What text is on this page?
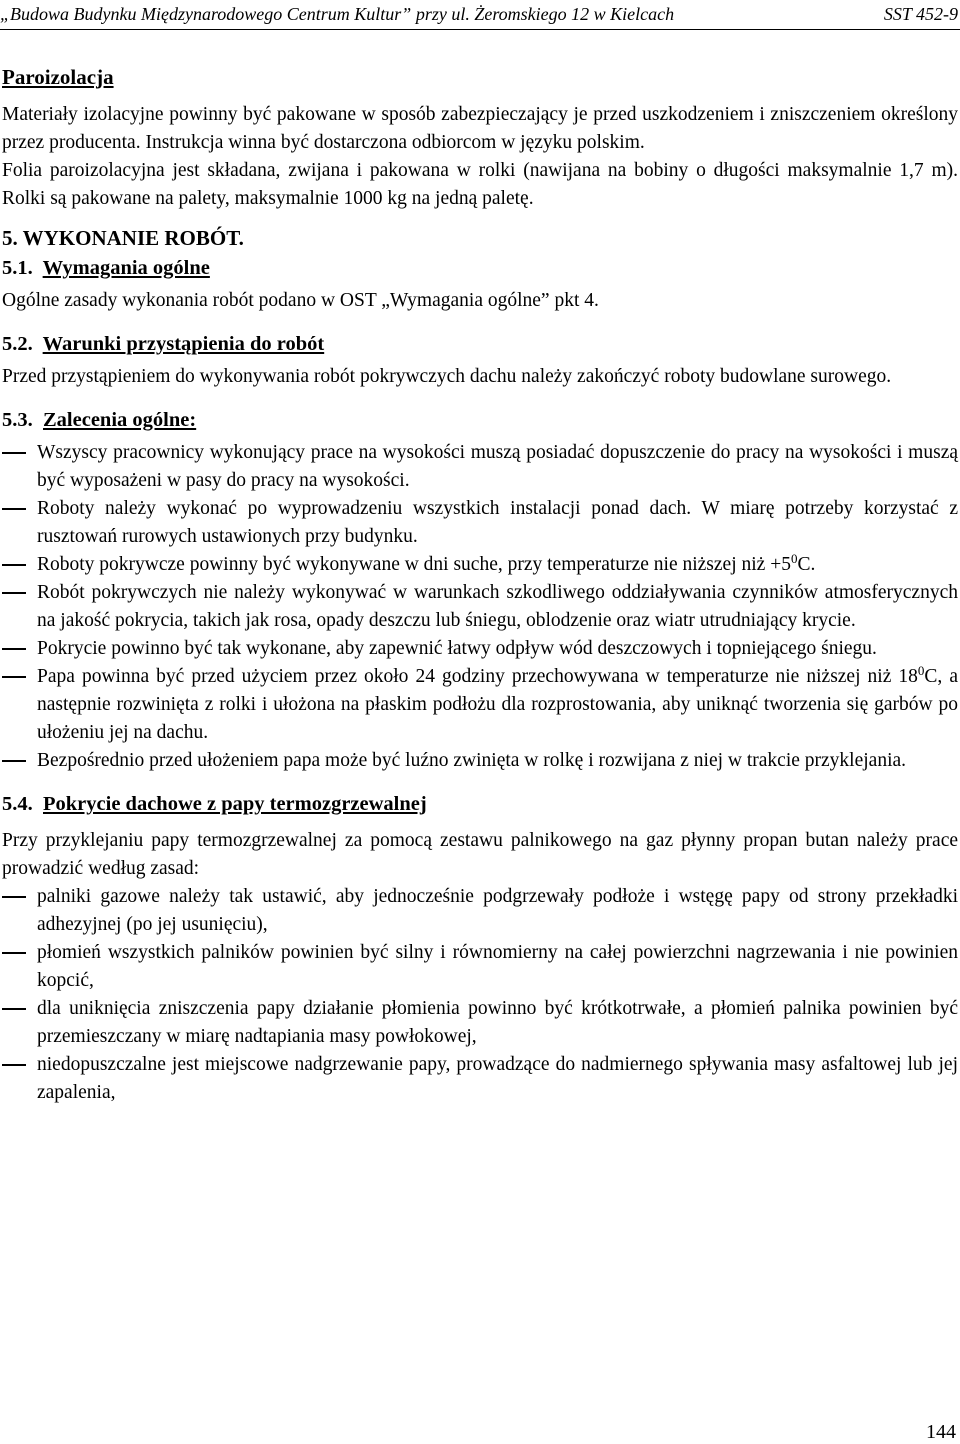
„Budowa Budynku Międzynarodowego Centrum Kultur” przy ul. Żeromskiego 12 w Kielcach	SST 452-9
Paroizolacja

Materiały izolacyjne powinny być pakowane w sposób zabezpieczający je przed uszkodzeniem i zniszczeniem określony przez producenta. Instrukcja winna być dostarczona odbiorcom w języku polskim.

Folia paroizolacyjna jest składana, zwijana i pakowana w rolki (nawijana na bobiny o długości maksymalnie 1,7 m). Rolki są pakowane na palety, maksymalnie 1000 kg na jedną paletę.

5. WYKONANIE ROBÓT.
5.1. Wymagania ogólne

Ogólne zasady wykonania robót podano w OST „Wymagania ogólne” pkt 4.

5.2. Warunki przystąpienia do robót

Przed przystąpieniem do wykonywania robót pokrywczych dachu należy zakończyć roboty budowlane surowego.

5.3. Zalecenia ogólne:
Wszyscy pracownicy wykonujący prace na wysokości muszą posiadać dopuszczenie do pracy na wysokości i muszą być wyposażeni w pasy do pracy na wysokości.
Roboty należy wykonać po wyprowadzeniu wszystkich instalacji ponad dach. W miarę potrzeby korzystać z rusztowań rurowych ustawionych przy budynku.
Roboty pokrywcze powinny być wykonywane w dni suche, przy temperaturze nie niższej niż $+5^0C$.
Robót pokrywczych nie należy wykonywać w warunkach szkodliwego oddziaływania czynników atmosferycznych na jakość pokrycia, takich jak rosa, opady deszczu lub śniegu, oblodzenie oraz wiatr utrudniający krycie.
Pokrycie powinno być tak wykonane, aby zapewnić łatwy odpływ wód deszczowych i topniejącego śniegu.
Papa powinna być przed użyciem przez około 24 godziny przechowywana w temperaturze nie niższej niż $18^0C$, a następnie rozwinięta z rolki i ułożona na płaskim podłożu dla rozprostowania, aby uniknąć tworzenia się garbów po ułożeniu jej na dachu.
Bezpośrednio przed ułożeniem papa może być luźno zwinięta w rolkę i rozwijana z niej w trakcie przyklejania.
5.4. Pokrycie dachowe z papy termozgrzewalnej

Przy przyklejaniu papy termozgrzewalnej za pomocą zestawu palnikowego na gaz płynny propan butan należy prace prowadzić według zasad:

palniki gazowe należy tak ustawić, aby jednocześnie podgrzewały podłoże i wstęgę papy od strony przekładki adhezyjnej (po jej usunięciu),
płomień wszystkich palników powinien być silny i równomierny na całej powierzchni nagrzewania i nie powinien kopcić,
dla uniknięcia zniszczenia papy działanie płomienia powinno być krótkotrwałe, a płomień palnika powinien być przemieszczany w miarę nadtapiania masy powłokowej,
niedopuszczalne jest miejscowe nadgrzewanie papy, prowadzące do nadmiernego spływania masy asfaltowej lub jej zapalenia,
144
